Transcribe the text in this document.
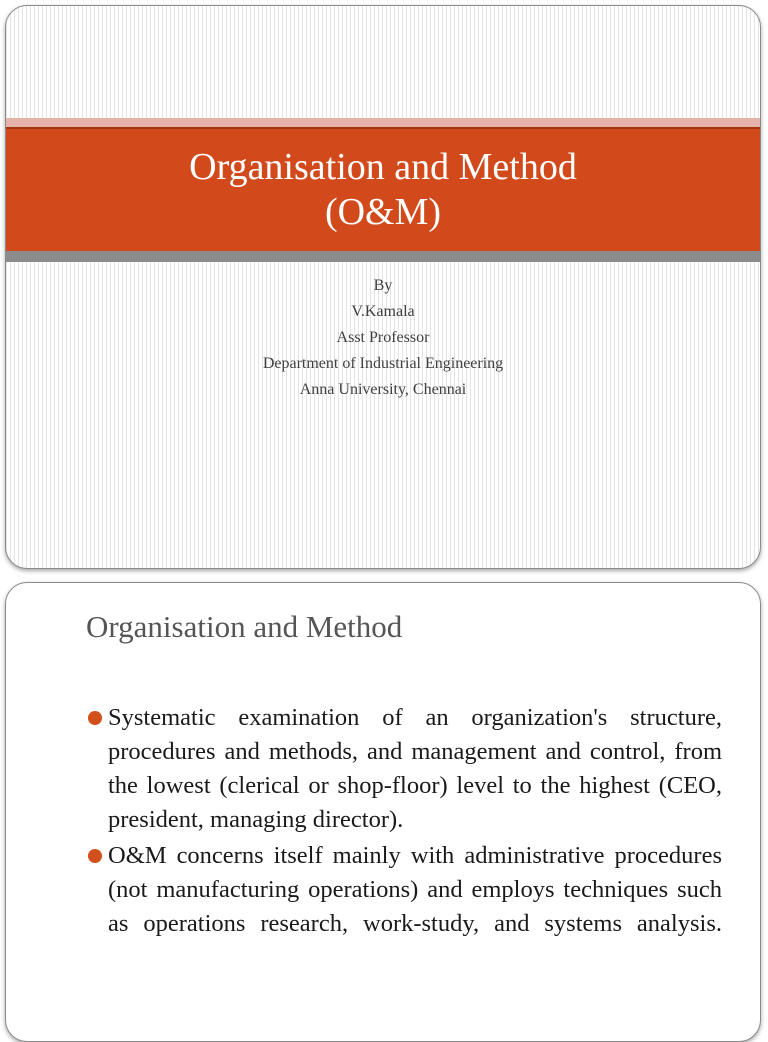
Organisation and Method
(O&M)
By
V.Kamala
Asst Professor
Department of Industrial Engineering
Anna University, Chennai
Organisation and Method
Systematic examination of an organization's structure, procedures and methods, and management and control, from the lowest (clerical or shop-floor) level to the highest (CEO, president, managing director).
O&M concerns itself mainly with administrative procedures (not manufacturing operations) and employs techniques such as operations research, work-study, and systems analysis.
